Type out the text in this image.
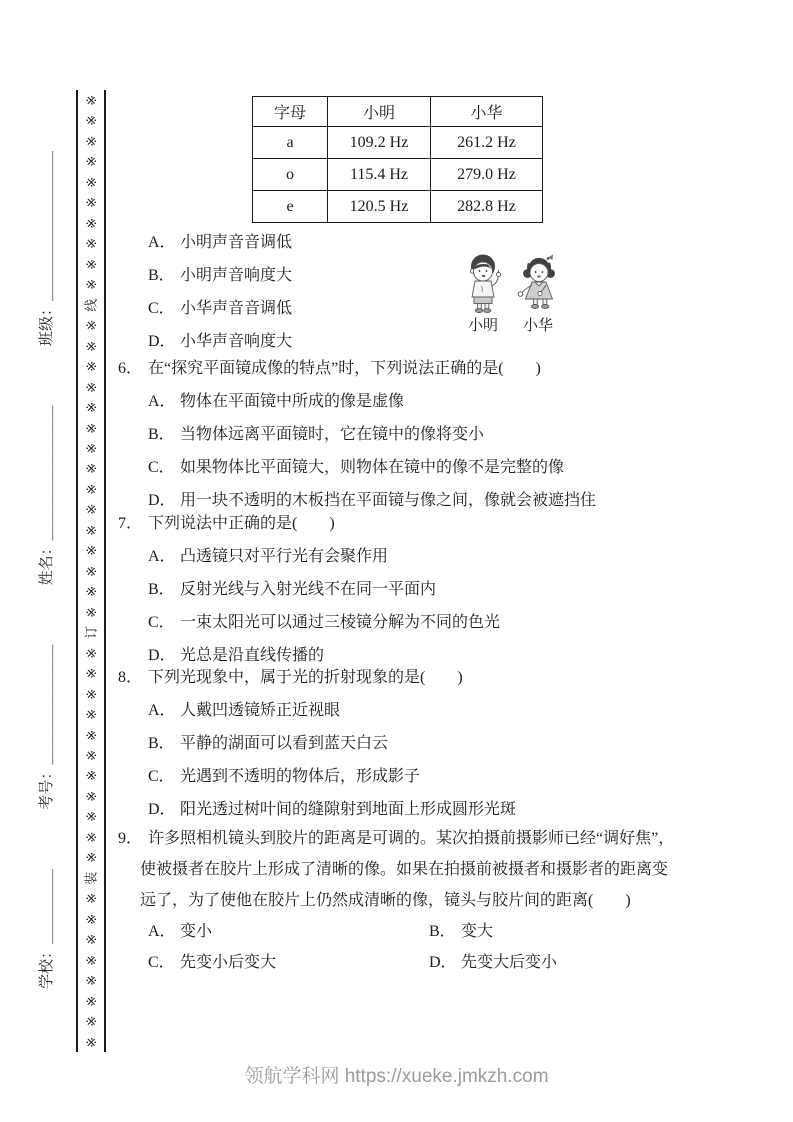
※
※
※
※
※
※
※
※
※
※
线
※
※
※
※
※
※
※
※
※
※
※
※
※
※
※
订
※
※
※
※
※
※
※
※
※
※
※
装
※
※
※
※
※
※
※
※
学校：
＿＿＿＿＿
考号：
＿＿＿＿＿＿＿＿
姓名：
＿＿＿＿＿＿＿＿＿
班级：
＿＿＿＿＿＿＿＿＿＿
字母	小明	小华
a	109.2 Hz	261.2 Hz
o	115.4 Hz	279.0 Hz
e	120.5 Hz	282.8 Hz
A． 小明声音音调低
B． 小明声音响度大
C． 小华声音音调低
D． 小华声音响度大
小明 小华
6． 在“探究平面镜成像的特点”时，下列说法正确的是(　　)
A． 物体在平面镜中所成的像是虚像
B． 当物体远离平面镜时，它在镜中的像将变小
C． 如果物体比平面镜大，则物体在镜中的像不是完整的像
D． 用一块不透明的木板挡在平面镜与像之间，像就会被遮挡住
7． 下列说法中正确的是(　　)
A． 凸透镜只对平行光有会聚作用
B． 反射光线与入射光线不在同一平面内
C． 一束太阳光可以通过三棱镜分解为不同的色光
D． 光总是沿直线传播的
8． 下列光现象中，属于光的折射现象的是(　　)
A． 人戴凹透镜矫正近视眼
B． 平静的湖面可以看到蓝天白云
C． 光遇到不透明的物体后，形成影子
D． 阳光透过树叶间的缝隙射到地面上形成圆形光斑
9． 许多照相机镜头到胶片的距离是可调的。某次拍摄前摄影师已经“调好焦”，
使被摄者在胶片上形成了清晰的像。如果在拍摄前被摄者和摄影者的距离变
远了，为了使他在胶片上仍然成清晰的像，镜头与胶片间的距离(　　)
A． 变小	B． 变大
C． 先变小后变大	D． 先变大后变小
领航学科网 https://xueke.jmkzh.com
